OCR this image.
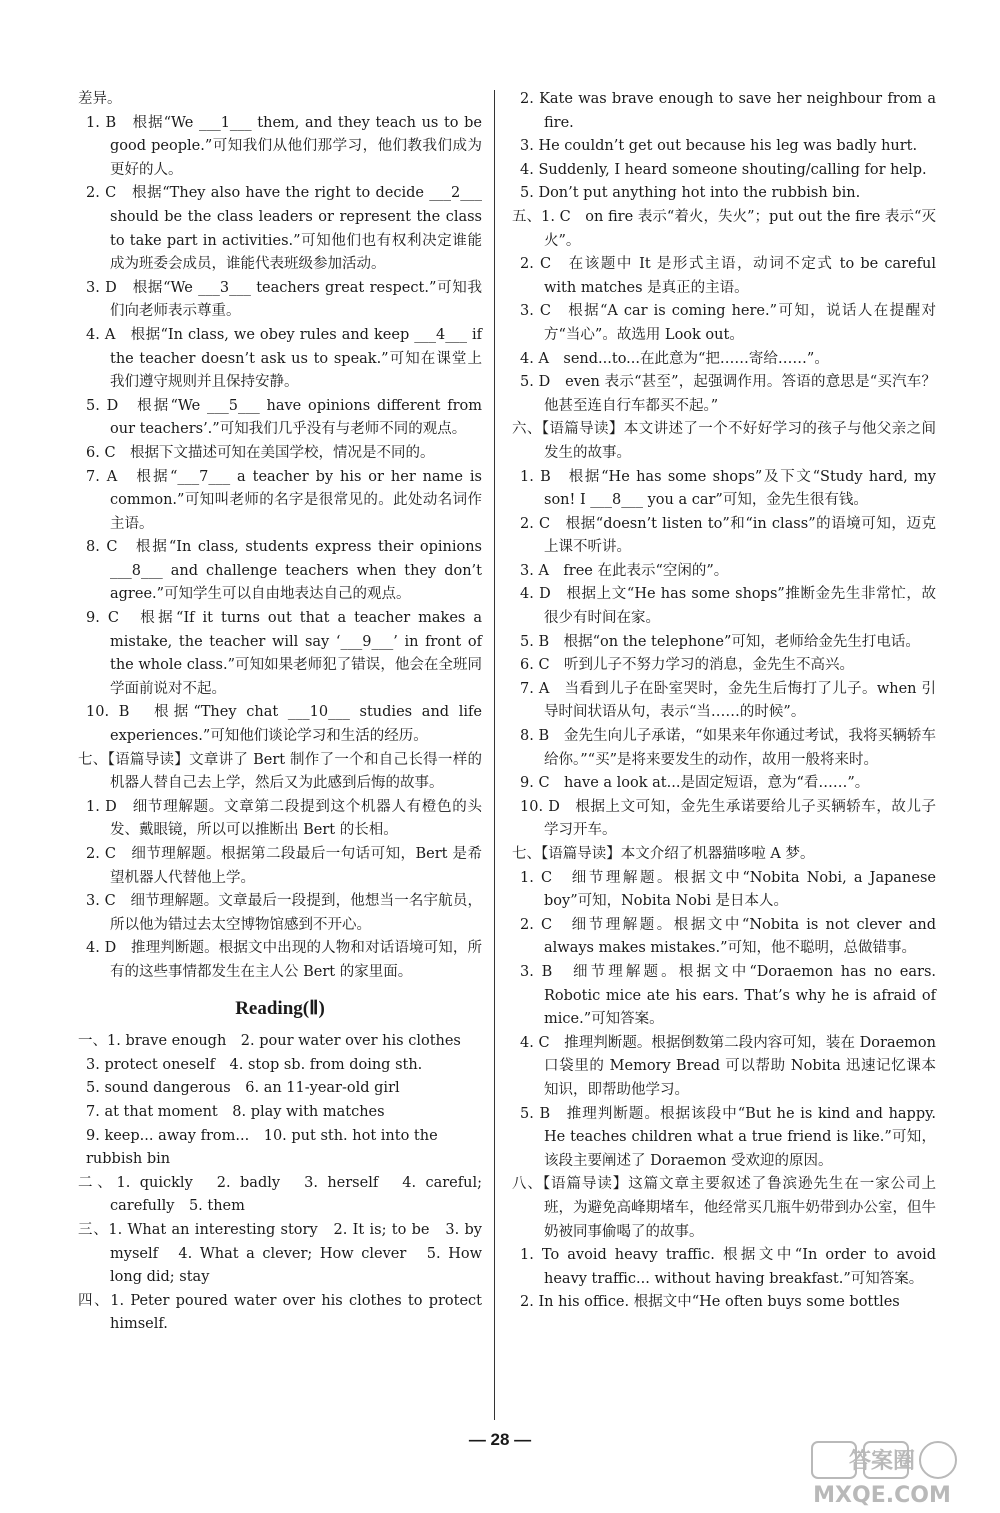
差异。

1. B　根据“We ___1___ them, and they teach us to be good people.”可知我们从他们那学习，他们教我们成为更好的人。

2. C　根据“They also have the right to decide ___2___ should be the class leaders or represent the class to take part in activities.”可知他们也有权利决定谁能成为班委会成员，谁能代表班级参加活动。

3. D　根据“We ___3___ teachers great respect.”可知我们向老师表示尊重。

4. A　根据“In class, we obey rules and keep ___4___ if the teacher doesn’t ask us to speak.”可知在课堂上我们遵守规则并且保持安静。

5. D　根据“We ___5___ have opinions different from our teachers’.”可知我们几乎没有与老师不同的观点。

6. C　根据下文描述可知在美国学校，情况是不同的。

7. A　根据“___7___ a teacher by his or her name is common.”可知叫老师的名字是很常见的。此处动名词作主语。

8. C　根据“In class, students express their opinions ___8___ and challenge teachers when they don’t agree.”可知学生可以自由地表达自己的观点。

9. C　根据“If it turns out that a teacher makes a mistake, the teacher will say ‘___9___’ in front of the whole class.”可知如果老师犯了错误，他会在全班同学面前说对不起。

10. B　根据“They chat ___10___ studies and life experiences.”可知他们谈论学习和生活的经历。

七、【语篇导读】文章讲了 Bert 制作了一个和自己长得一样的机器人替自己去上学，然后又为此感到后悔的故事。

1. D　细节理解题。文章第二段提到这个机器人有橙色的头发、戴眼镜，所以可以推断出 Bert 的长相。

2. C　细节理解题。根据第二段最后一句话可知，Bert 是希望机器人代替他上学。

3. C　细节理解题。文章最后一段提到，他想当一名宇航员，所以他为错过去太空博物馆感到不开心。

4. D　推理判断题。根据文中出现的人物和对话语境可知，所有的这些事情都发生在主人公 Bert 的家里面。

Reading(Ⅱ)

一、1. brave enough　2. pour water over his clothes

3. protect oneself　4. stop sb. from doing sth.

5. sound dangerous　6. an 11-year-old girl

7. at that moment　8. play with matches

9. keep... away from...　10. put sth. hot into the rubbish bin

二、1. quickly　2. badly　3. herself　4. careful; carefully　5. them

三、1. What an interesting story　2. It is; to be　3. by myself　4. What a clever; How clever　5. How long did; stay

四、1. Peter poured water over his clothes to protect himself.

2. Kate was brave enough to save her neighbour from a fire.

3. He couldn’t get out because his leg was badly hurt.

4. Suddenly, I heard someone shouting/calling for help.

5. Don’t put anything hot into the rubbish bin.

五、1. C　on fire 表示“着火，失火”；put out the fire 表示“灭火”。

2. C　在该题中 It 是形式主语，动词不定式 to be careful with matches 是真正的主语。

3. C　根据“A car is coming here.”可知，说话人在提醒对方“当心”。故选用 Look out。

4. A　send...to...在此意为“把……寄给……”。

5. D　even 表示“甚至”，起强调作用。答语的意思是“买汽车？他甚至连自行车都买不起。”

六、【语篇导读】本文讲述了一个不好好学习的孩子与他父亲之间发生的故事。

1. B　根据“He has some shops”及下文“Study hard, my son! I ___8___ you a car”可知，金先生很有钱。

2. C　根据“doesn’t listen to”和“in class”的语境可知，迈克上课不听讲。

3. A　free 在此表示“空闲的”。

4. D　根据上文“He has some shops”推断金先生非常忙，故很少有时间在家。

5. B　根据“on the telephone”可知，老师给金先生打电话。

6. C　听到儿子不努力学习的消息，金先生不高兴。

7. A　当看到儿子在卧室哭时，金先生后悔打了儿子。when 引导时间状语从句，表示“当……的时候”。

8. B　金先生向儿子承诺，“如果来年你通过考试，我将买辆轿车给你。”“买”是将来要发生的动作，故用一般将来时。

9. C　have a look at...是固定短语，意为“看……”。

10. D　根据上文可知，金先生承诺要给儿子买辆轿车，故儿子学习开车。

七、【语篇导读】本文介绍了机器猫哆啦 A 梦。

1. C　细节理解题。根据文中“Nobita Nobi, a Japanese boy”可知，Nobita Nobi 是日本人。

2. C　细节理解题。根据文中“Nobita is not clever and always makes mistakes.”可知，他不聪明，总做错事。

3. B　细节理解题。根据文中“Doraemon has no ears. Robotic mice ate his ears. That’s why he is afraid of mice.”可知答案。

4. C　推理判断题。根据倒数第二段内容可知，装在 Doraemon 口袋里的 Memory Bread 可以帮助 Nobita 迅速记忆课本知识，即帮助他学习。

5. B　推理判断题。根据该段中“But he is kind and happy. He teaches children what a true friend is like.”可知，该段主要阐述了 Doraemon 受欢迎的原因。

八、【语篇导读】这篇文章主要叙述了鲁滨逊先生在一家公司上班，为避免高峰期堵车，他经常买几瓶牛奶带到办公室，但牛奶被同事偷喝了的故事。

1. To avoid heavy traffic. 根据文中“In order to avoid heavy traffic... without having breakfast.”可知答案。

2. In his office. 根据文中“He often buys some bottles

— 28 —
答案圈
MXQE.COM
